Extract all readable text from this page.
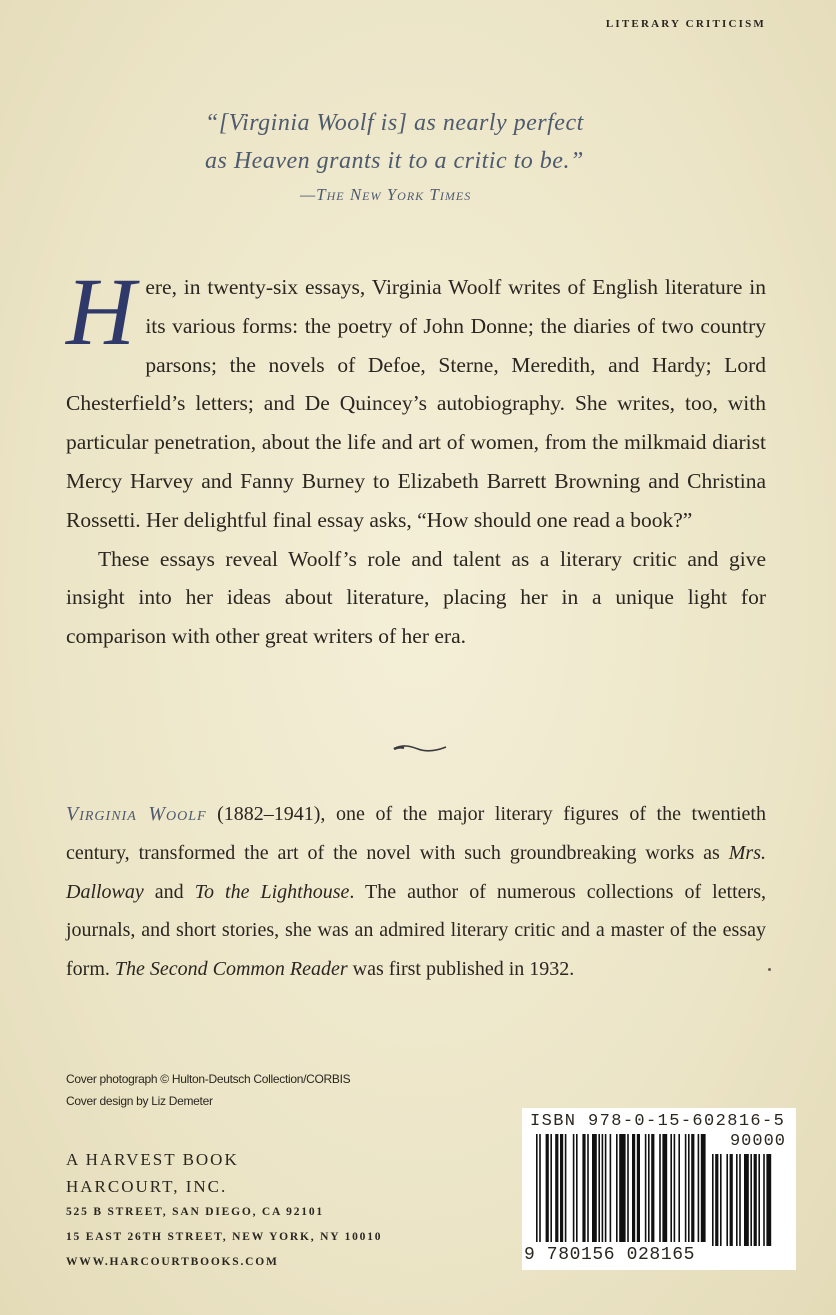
LITERARY CRITICISM
“[Virginia Woolf is] as nearly perfect
as Heaven grants it to a critic to be.”
—The New York Times

Here, in twenty-six essays, Virginia Woolf writes of English literature in its various forms: the poetry of John Donne; the diaries of two country parsons; the novels of Defoe, Sterne, Meredith, and Hardy; Lord Chesterfield’s letters; and De Quincey’s autobiography. She writes, too, with particular penetration, about the life and art of women, from the milkmaid diarist Mercy Harvey and Fanny Burney to Elizabeth Barrett Browning and Christina Rossetti. Her delightful final essay asks, “How should one read a book?”

These essays reveal Woolf’s role and talent as a literary critic and give insight into her ideas about literature, placing her in a unique light for comparison with other great writers of her era.

Virginia Woolf (1882–1941), one of the major literary figures of the twentieth century, transformed the art of the novel with such groundbreaking works as Mrs. Dalloway and To the Lighthouse. The author of numerous collections of letters, journals, and short stories, she was an admired literary critic and a master of the essay form. The Second Common Reader was first published in 1932.
Cover photograph © Hulton-Deutsch Collection/CORBIS
Cover design by Liz Demeter
A HARVEST BOOK
HARCOURT, INC.
525 B STREET, SAN DIEGO, CA 92101
15 EAST 26TH STREET, NEW YORK, NY 10010
WWW.HARCOURTBOOKS.COM
ISBN 978-0-15-602816-5
90000
9 780156 028165
